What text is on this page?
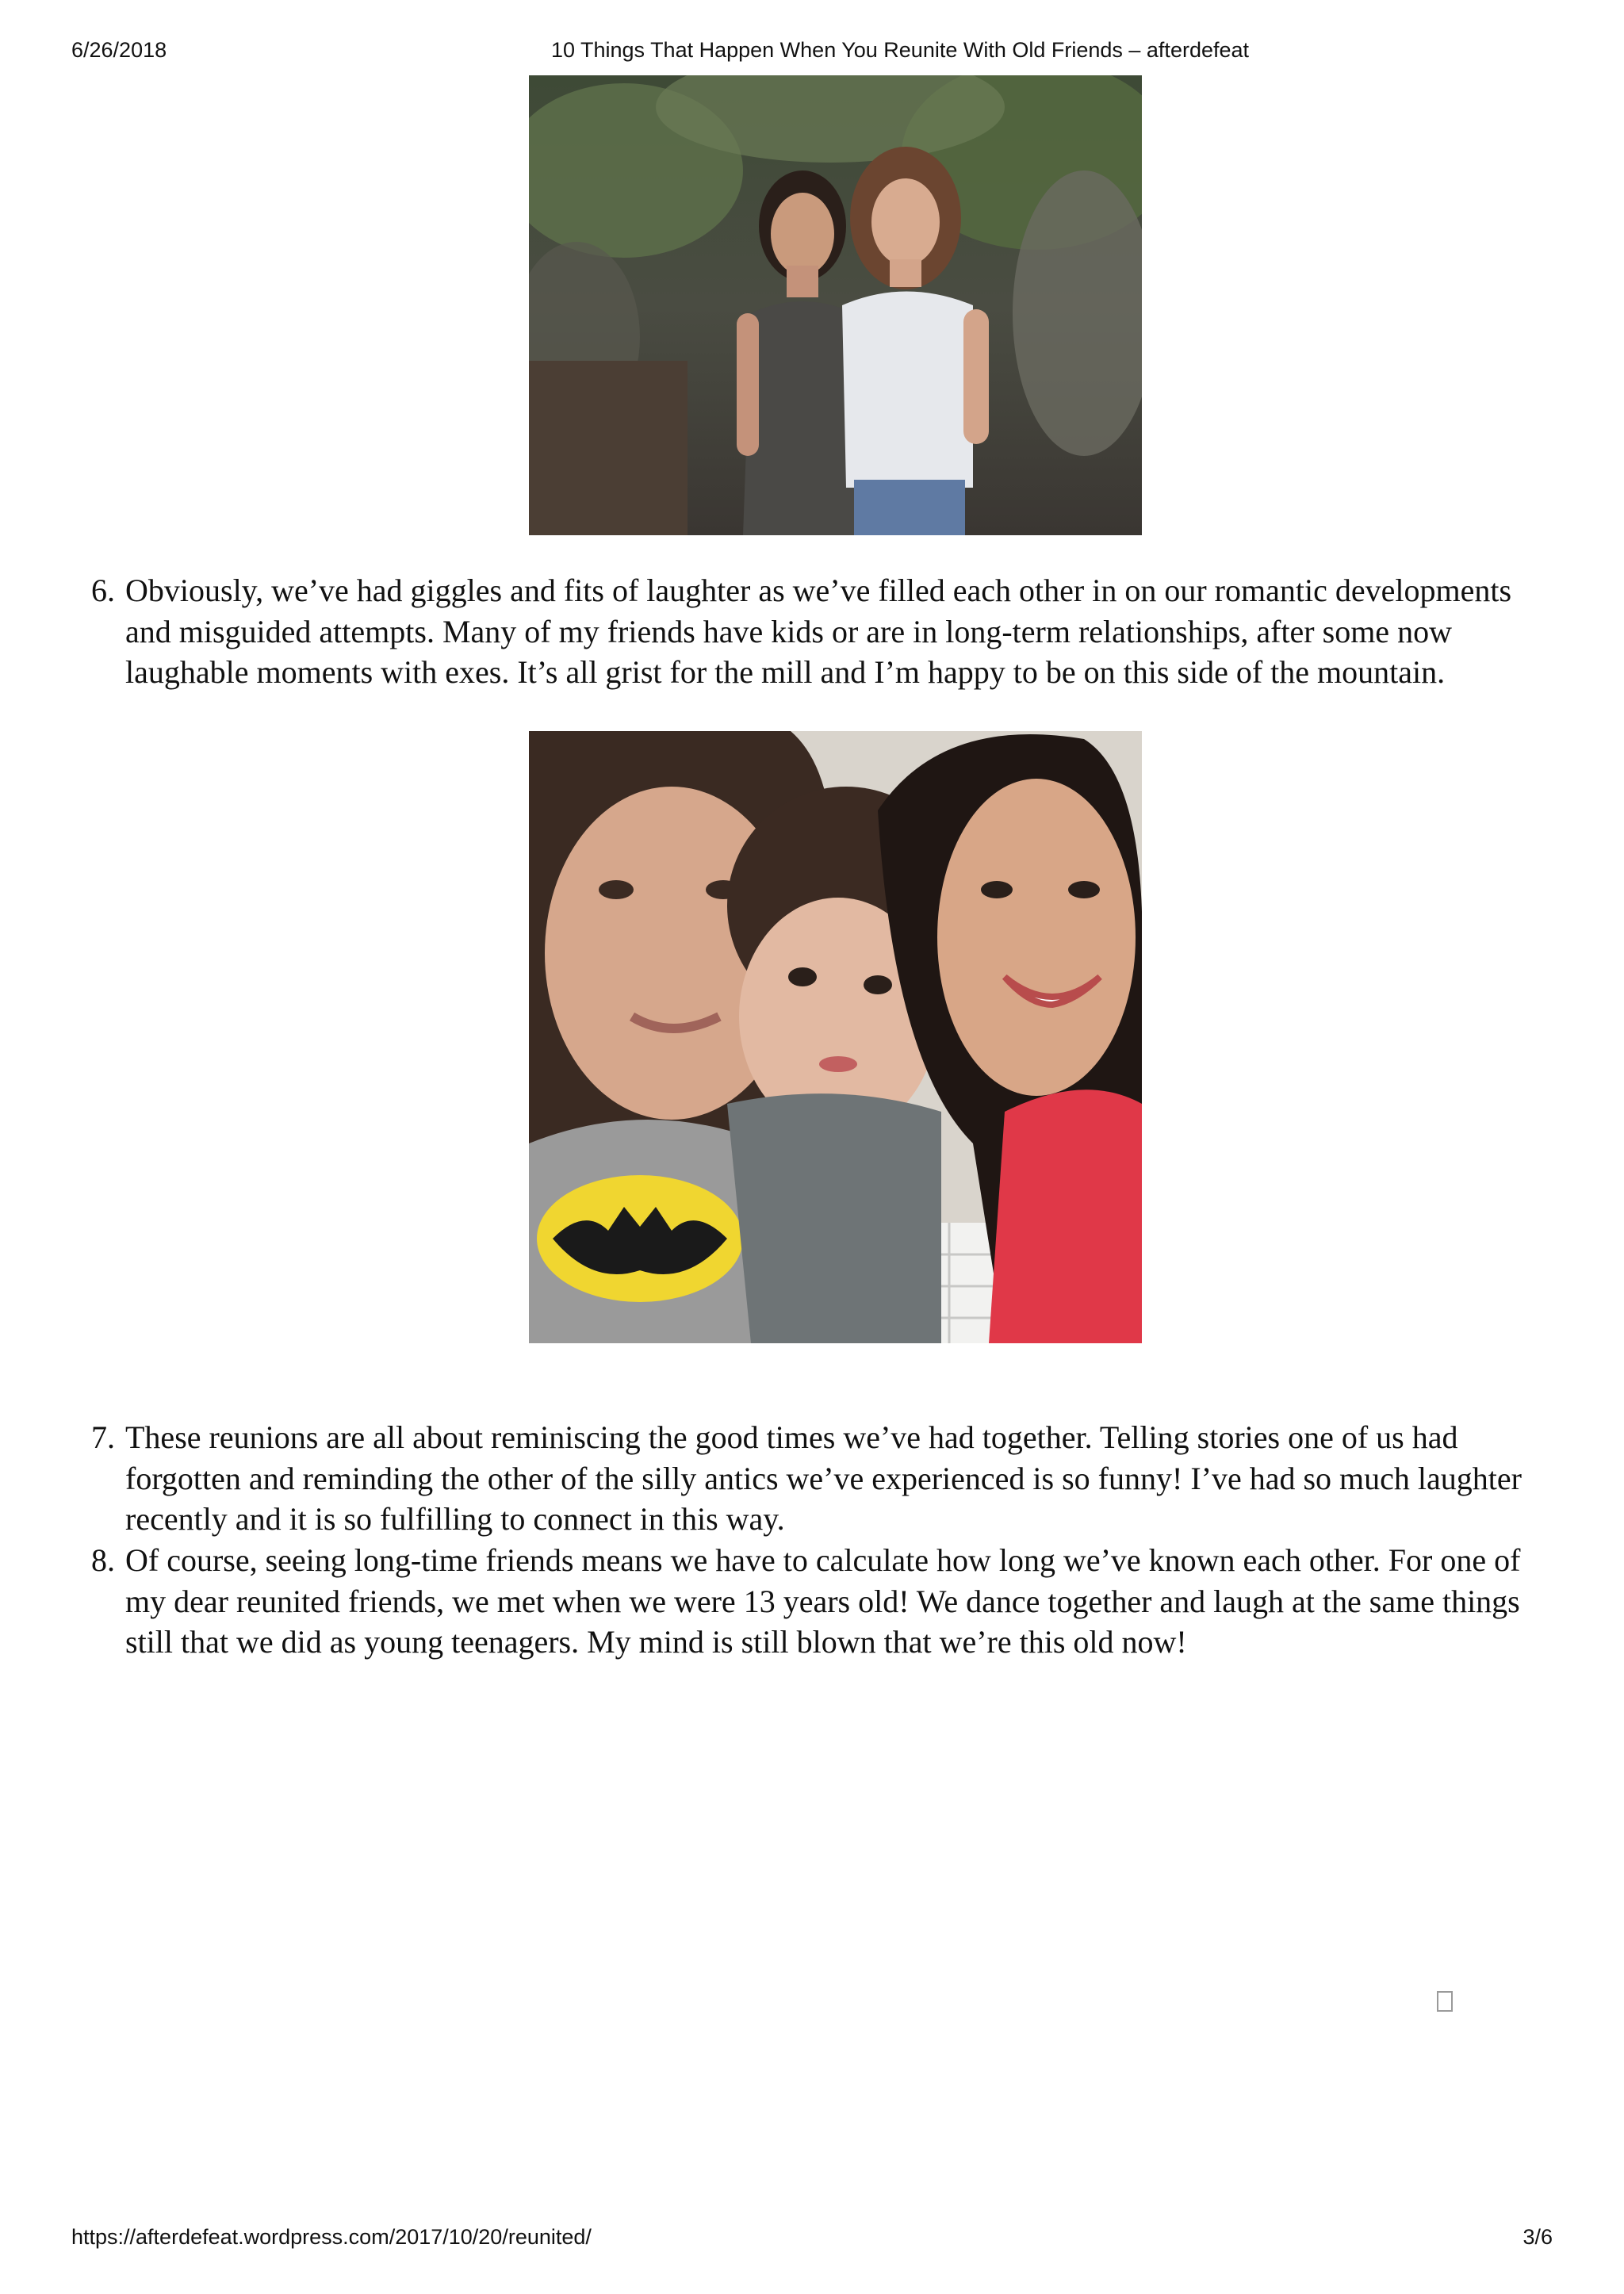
6/26/2018	10 Things That Happen When You Reunite With Old Friends – afterdefeat
6. Obviously, we’ve had giggles and fits of laughter as we’ve filled each other in on our romantic developments and misguided attempts. Many of my friends have kids or are in long-term relationships, after some now laughable moments with exes. It’s all grist for the mill and I’m happy to be on this side of the mountain.
7. These reunions are all about reminiscing the good times we’ve had together. Telling stories one of us had forgotten and reminding the other of the silly antics we’ve experienced is so funny! I’ve had so much laughter recently and it is so fulfilling to connect in this way.
8. Of course, seeing long-time friends means we have to calculate how long we’ve known each other. For one of my dear reunited friends, we met when we were 13 years old! We dance together and laugh at the same things still that we did as young teenagers. My mind is still blown that we’re this old now!
https://afterdefeat.wordpress.com/2017/10/20/reunited/	3/6
